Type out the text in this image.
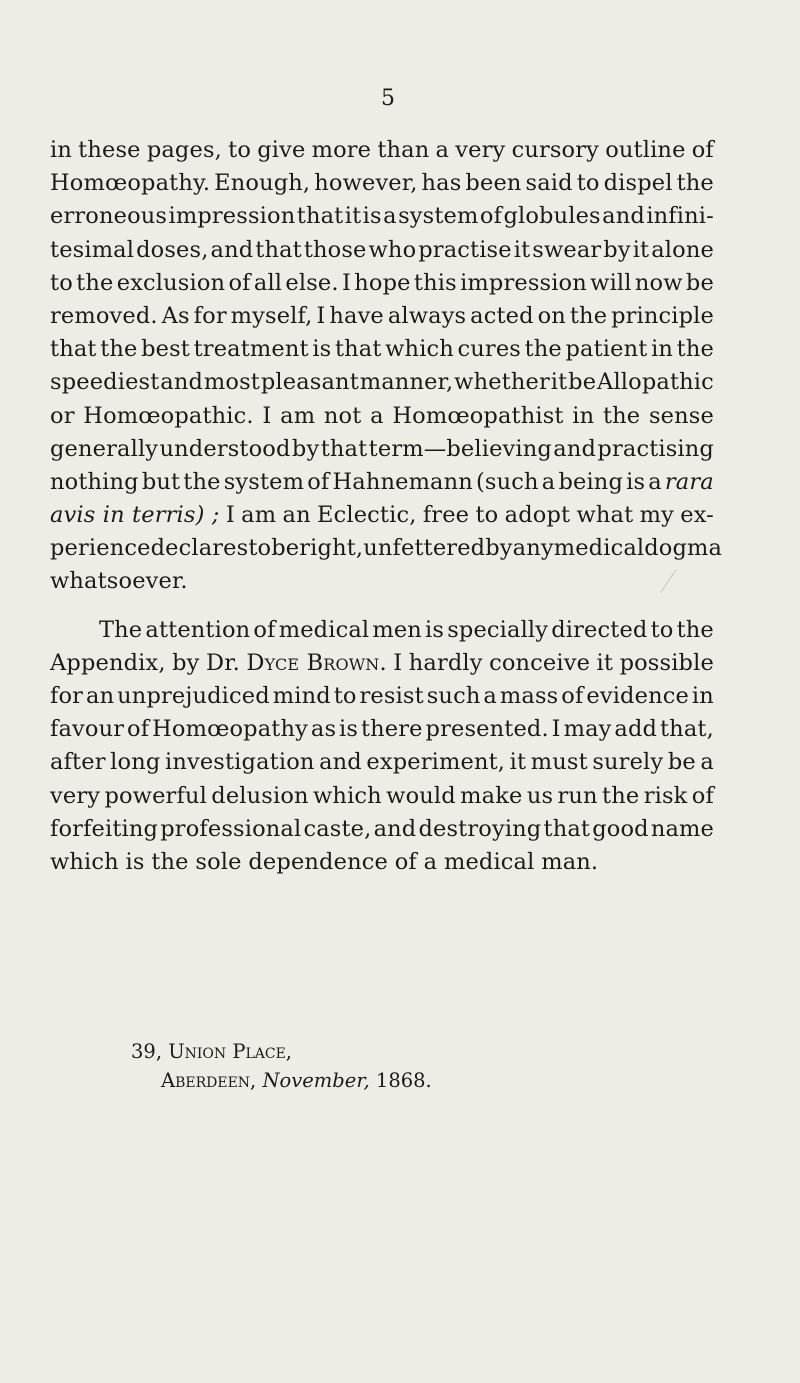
5
in these pages, to give more than a very cursory outline of
Homœopathy. Enough, however, has been said to dispel the
erroneous impression that it is a system of globules and infini-
tesimal doses, and that those who practise it swear by it alone
to the exclusion of all else. I hope this impression will now be
removed. As for myself, I have always acted on the principle
that the best treatment is that which cures the patient in the
speediest and most pleasant manner, whether it be Allopathic
or Homœopathic. I am not a Homœopathist in the sense
generally understood by that term—believing and practising
nothing but the system of Hahnemann (such a being is a rara
avis in terris) ; I am an Eclectic, free to adopt what my ex-
perience declares to be right, unfettered by any medical dogma
whatsoever.
The attention of medical men is specially directed to the
Appendix, by Dr. Dyce Brown. I hardly conceive it possible
for an unprejudiced mind to resist such a mass of evidence in
favour of Homœopathy as is there presented. I may add that,
after long investigation and experiment, it must surely be a
very powerful delusion which would make us run the risk of
forfeiting professional caste, and destroying that good name
which is the sole dependence of a medical man.
39, Union Place,
Aberdeen, November, 1868.
